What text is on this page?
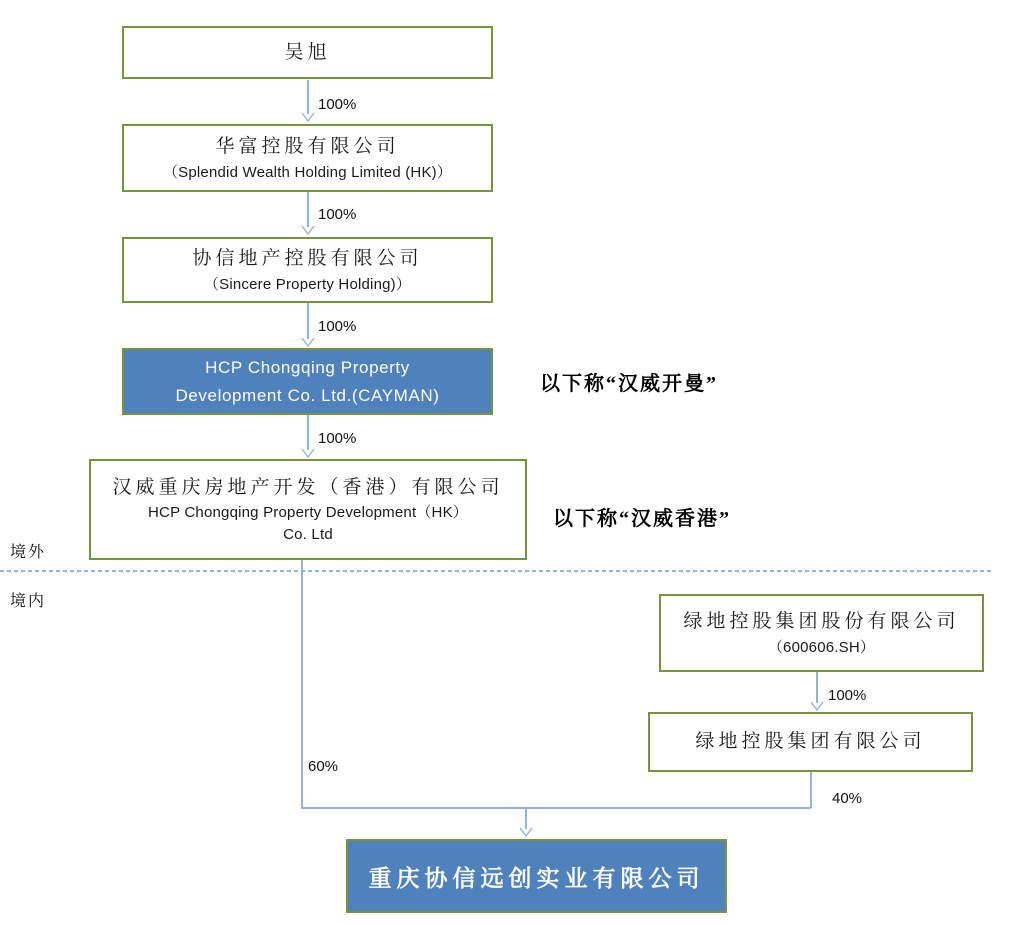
吴旭
华富控股有限公司
（Splendid Wealth Holding Limited (HK)）
协信地产控股有限公司
（Sincere Property Holding)）
HCP Chongqing Property
Development Co. Ltd.(CAYMAN)
汉威重庆房地产开发（香港）有限公司
HCP Chongqing Property Development（HK）
Co. Ltd
绿地控股集团股份有限公司
（600606.SH）
绿地控股集团有限公司
重庆协信远创实业有限公司
境外
境内
100%
100%
100%
100%
100%
60%
40%
以下称“汉威开曼”
以下称“汉威香港”
